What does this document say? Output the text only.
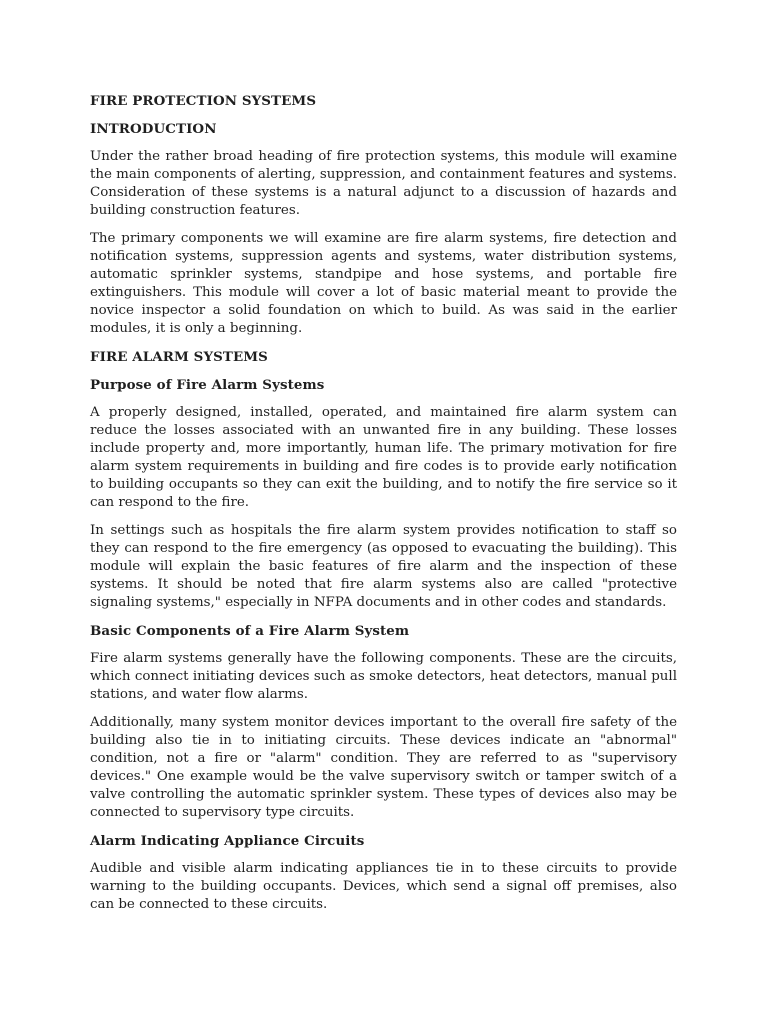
FIRE PROTECTION SYSTEMS
INTRODUCTION

Under the rather broad heading of fire protection systems, this module will examine the main components of alerting, suppression, and containment features and systems. Consideration of these systems is a natural adjunct to a discussion of hazards and building construction features.

The primary components we will examine are fire alarm systems, fire detection and notification systems, suppression agents and systems, water distribution systems, automatic sprinkler systems, standpipe and hose systems, and portable fire extinguishers. This module will cover a lot of basic material meant to provide the novice inspector a solid foundation on which to build. As was said in the earlier modules, it is only a beginning.

FIRE ALARM SYSTEMS
Purpose of Fire Alarm Systems

A properly designed, installed, operated, and maintained fire alarm system can reduce the losses associated with an unwanted fire in any building. These losses include property and, more importantly, human life. The primary motivation for fire alarm system requirements in building and fire codes is to provide early notification to building occupants so they can exit the building, and to notify the fire service so it can respond to the fire.

In settings such as hospitals the fire alarm system provides notification to staff so they can respond to the fire emergency (as opposed to evacuating the building). This module will explain the basic features of fire alarm and the inspection of these systems. It should be noted that fire alarm systems also are called "protective signaling systems," especially in NFPA documents and in other codes and standards.

Basic Components of a Fire Alarm System

Fire alarm systems generally have the following components. These are the circuits, which connect initiating devices such as smoke detectors, heat detectors, manual pull stations, and water flow alarms.

Additionally, many system monitor devices important to the overall fire safety of the building also tie in to initiating circuits. These devices indicate an "abnormal" condition, not a fire or "alarm" condition. They are referred to as "supervisory devices." One example would be the valve supervisory switch or tamper switch of a valve controlling the automatic sprinkler system. These types of devices also may be connected to supervisory type circuits.

Alarm Indicating Appliance Circuits

Audible and visible alarm indicating appliances tie in to these circuits to provide warning to the building occupants. Devices, which send a signal off premises, also can be connected to these circuits.
